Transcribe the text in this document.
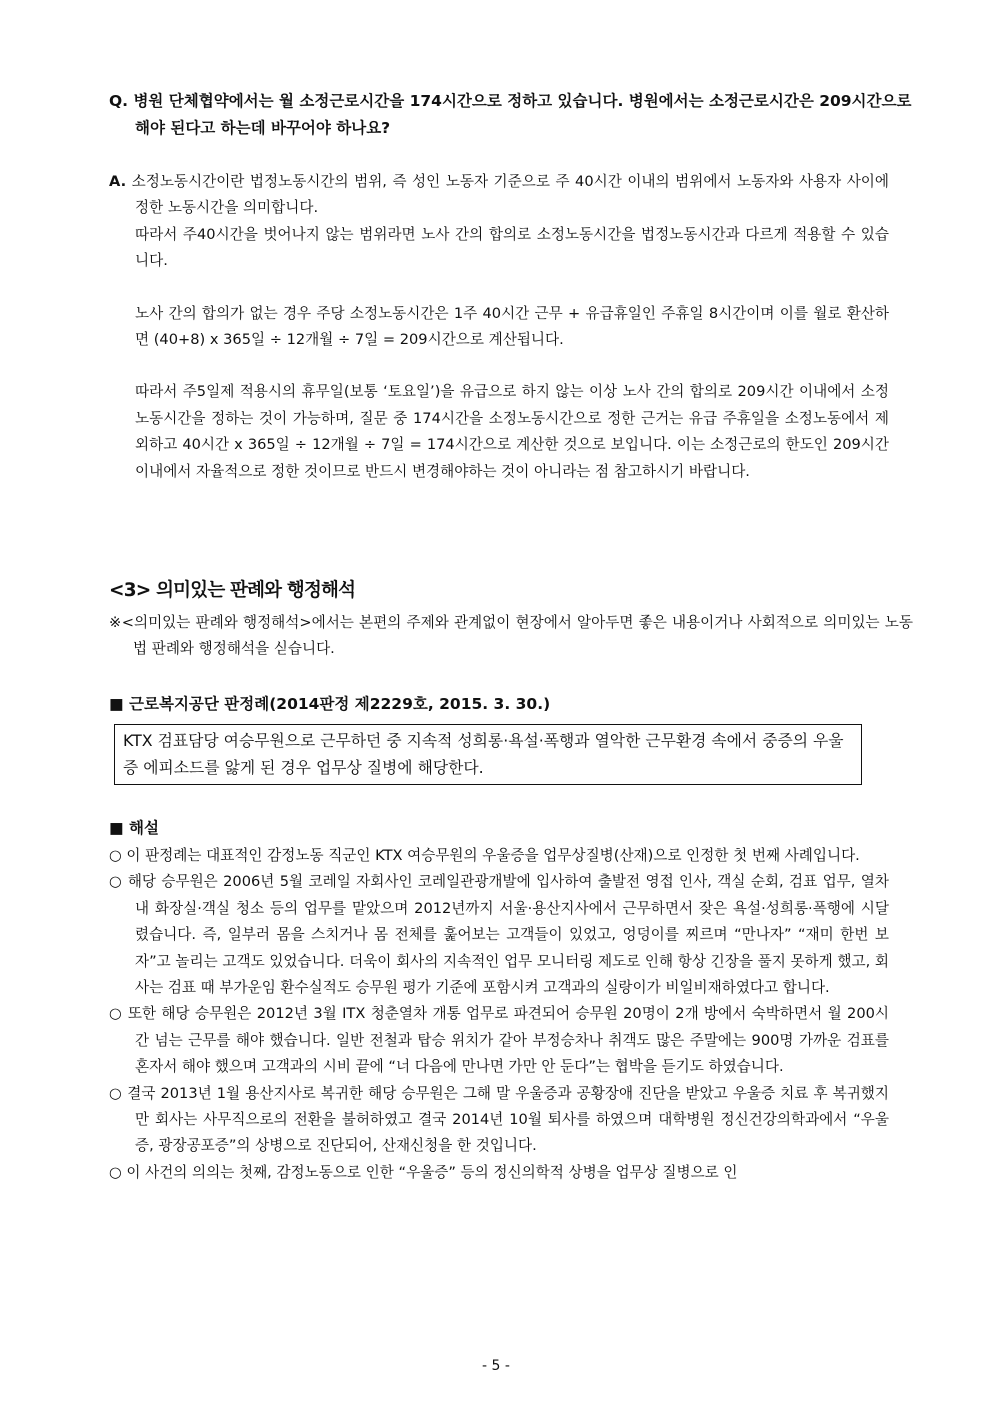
Q. 병원 단체협약에서는 월 소정근로시간을 174시간으로 정하고 있습니다. 병원에서는 소정근로시간은 209시간으로 해야 된다고 하는데 바꾸어야 하나요?

A. 소정노동시간이란 법정노동시간의 범위, 즉 성인 노동자 기준으로 주 40시간 이내의 범위에서 노동자와 사용자 사이에 정한 노동시간을 의미합니다.

따라서 주40시간을 벗어나지 않는 범위라면 노사 간의 합의로 소정노동시간을 법정노동시간과 다르게 적용할 수 있습니다.

노사 간의 합의가 없는 경우 주당 소정노동시간은 1주 40시간 근무 + 유급휴일인 주휴일 8시간이며 이를 월로 환산하면 (40+8) x 365일 ÷ 12개월 ÷ 7일 = 209시간으로 계산됩니다.

따라서 주5일제 적용시의 휴무일(보통 ‘토요일’)을 유급으로 하지 않는 이상 노사 간의 합의로 209시간 이내에서 소정노동시간을 정하는 것이 가능하며, 질문 중 174시간을 소정노동시간으로 정한 근거는 유급 주휴일을 소정노동에서 제외하고 40시간 x 365일 ÷ 12개월 ÷ 7일 = 174시간으로 계산한 것으로 보입니다. 이는 소정근로의 한도인 209시간이내에서 자율적으로 정한 것이므로 반드시 변경해야하는 것이 아니라는 점 참고하시기 바랍니다.

<3> 의미있는 판례와 행정해석
※<의미있는 판례와 행정해석>에서는 본편의 주제와 관계없이 현장에서 알아두면 좋은 내용이거나 사회적으로 의미있는 노동법 판례와 행정해석을 싣습니다.
■ 근로복지공단 판정례(2014판정 제2229호, 2015. 3. 30.)
KTX 검표담당 여승무원으로 근무하던 중 지속적 성희롱·욕설·폭행과 열악한 근무환경 속에서 중증의 우울증 에피소드를 앓게 된 경우 업무상 질병에 해당한다.
■ 해설

○ 이 판정례는 대표적인 감정노동 직군인 KTX 여승무원의 우울증을 업무상질병(산재)으로 인정한 첫 번째 사례입니다.

○ 해당 승무원은 2006년 5월 코레일 자회사인 코레일관광개발에 입사하여 출발전 영접 인사, 객실 순회, 검표 업무, 열차 내 화장실·객실 청소 등의 업무를 맡았으며 2012년까지 서울·용산지사에서 근무하면서 잦은 욕설·성희롱·폭행에 시달렸습니다. 즉, 일부러 몸을 스치거나 몸 전체를 훑어보는 고객들이 있었고, 엉덩이를 찌르며 “만나자” “재미 한번 보자”고 놀리는 고객도 있었습니다. 더욱이 회사의 지속적인 업무 모니터링 제도로 인해 항상 긴장을 풀지 못하게 했고, 회사는 검표 때 부가운임 환수실적도 승무원 평가 기준에 포함시켜 고객과의 실랑이가 비일비재하였다고 합니다.

○ 또한 해당 승무원은 2012년 3월 ITX 청춘열차 개통 업무로 파견되어 승무원 20명이 2개 방에서 숙박하면서 월 200시간 넘는 근무를 해야 했습니다. 일반 전철과 탑승 위치가 같아 부정승차나 취객도 많은 주말에는 900명 가까운 검표를 혼자서 해야 했으며 고객과의 시비 끝에 “너 다음에 만나면 가만 안 둔다”는 협박을 듣기도 하였습니다.

○ 결국 2013년 1월 용산지사로 복귀한 해당 승무원은 그해 말 우울증과 공황장애 진단을 받았고 우울증 치료 후 복귀했지만 회사는 사무직으로의 전환을 불허하였고 결국 2014년 10월 퇴사를 하였으며 대학병원 정신건강의학과에서 “우울증, 광장공포증”의 상병으로 진단되어, 산재신청을 한 것입니다.

○ 이 사건의 의의는 첫째, 감정노동으로 인한 “우울증” 등의 정신의학적 상병을 업무상 질병으로 인

- 5 -
